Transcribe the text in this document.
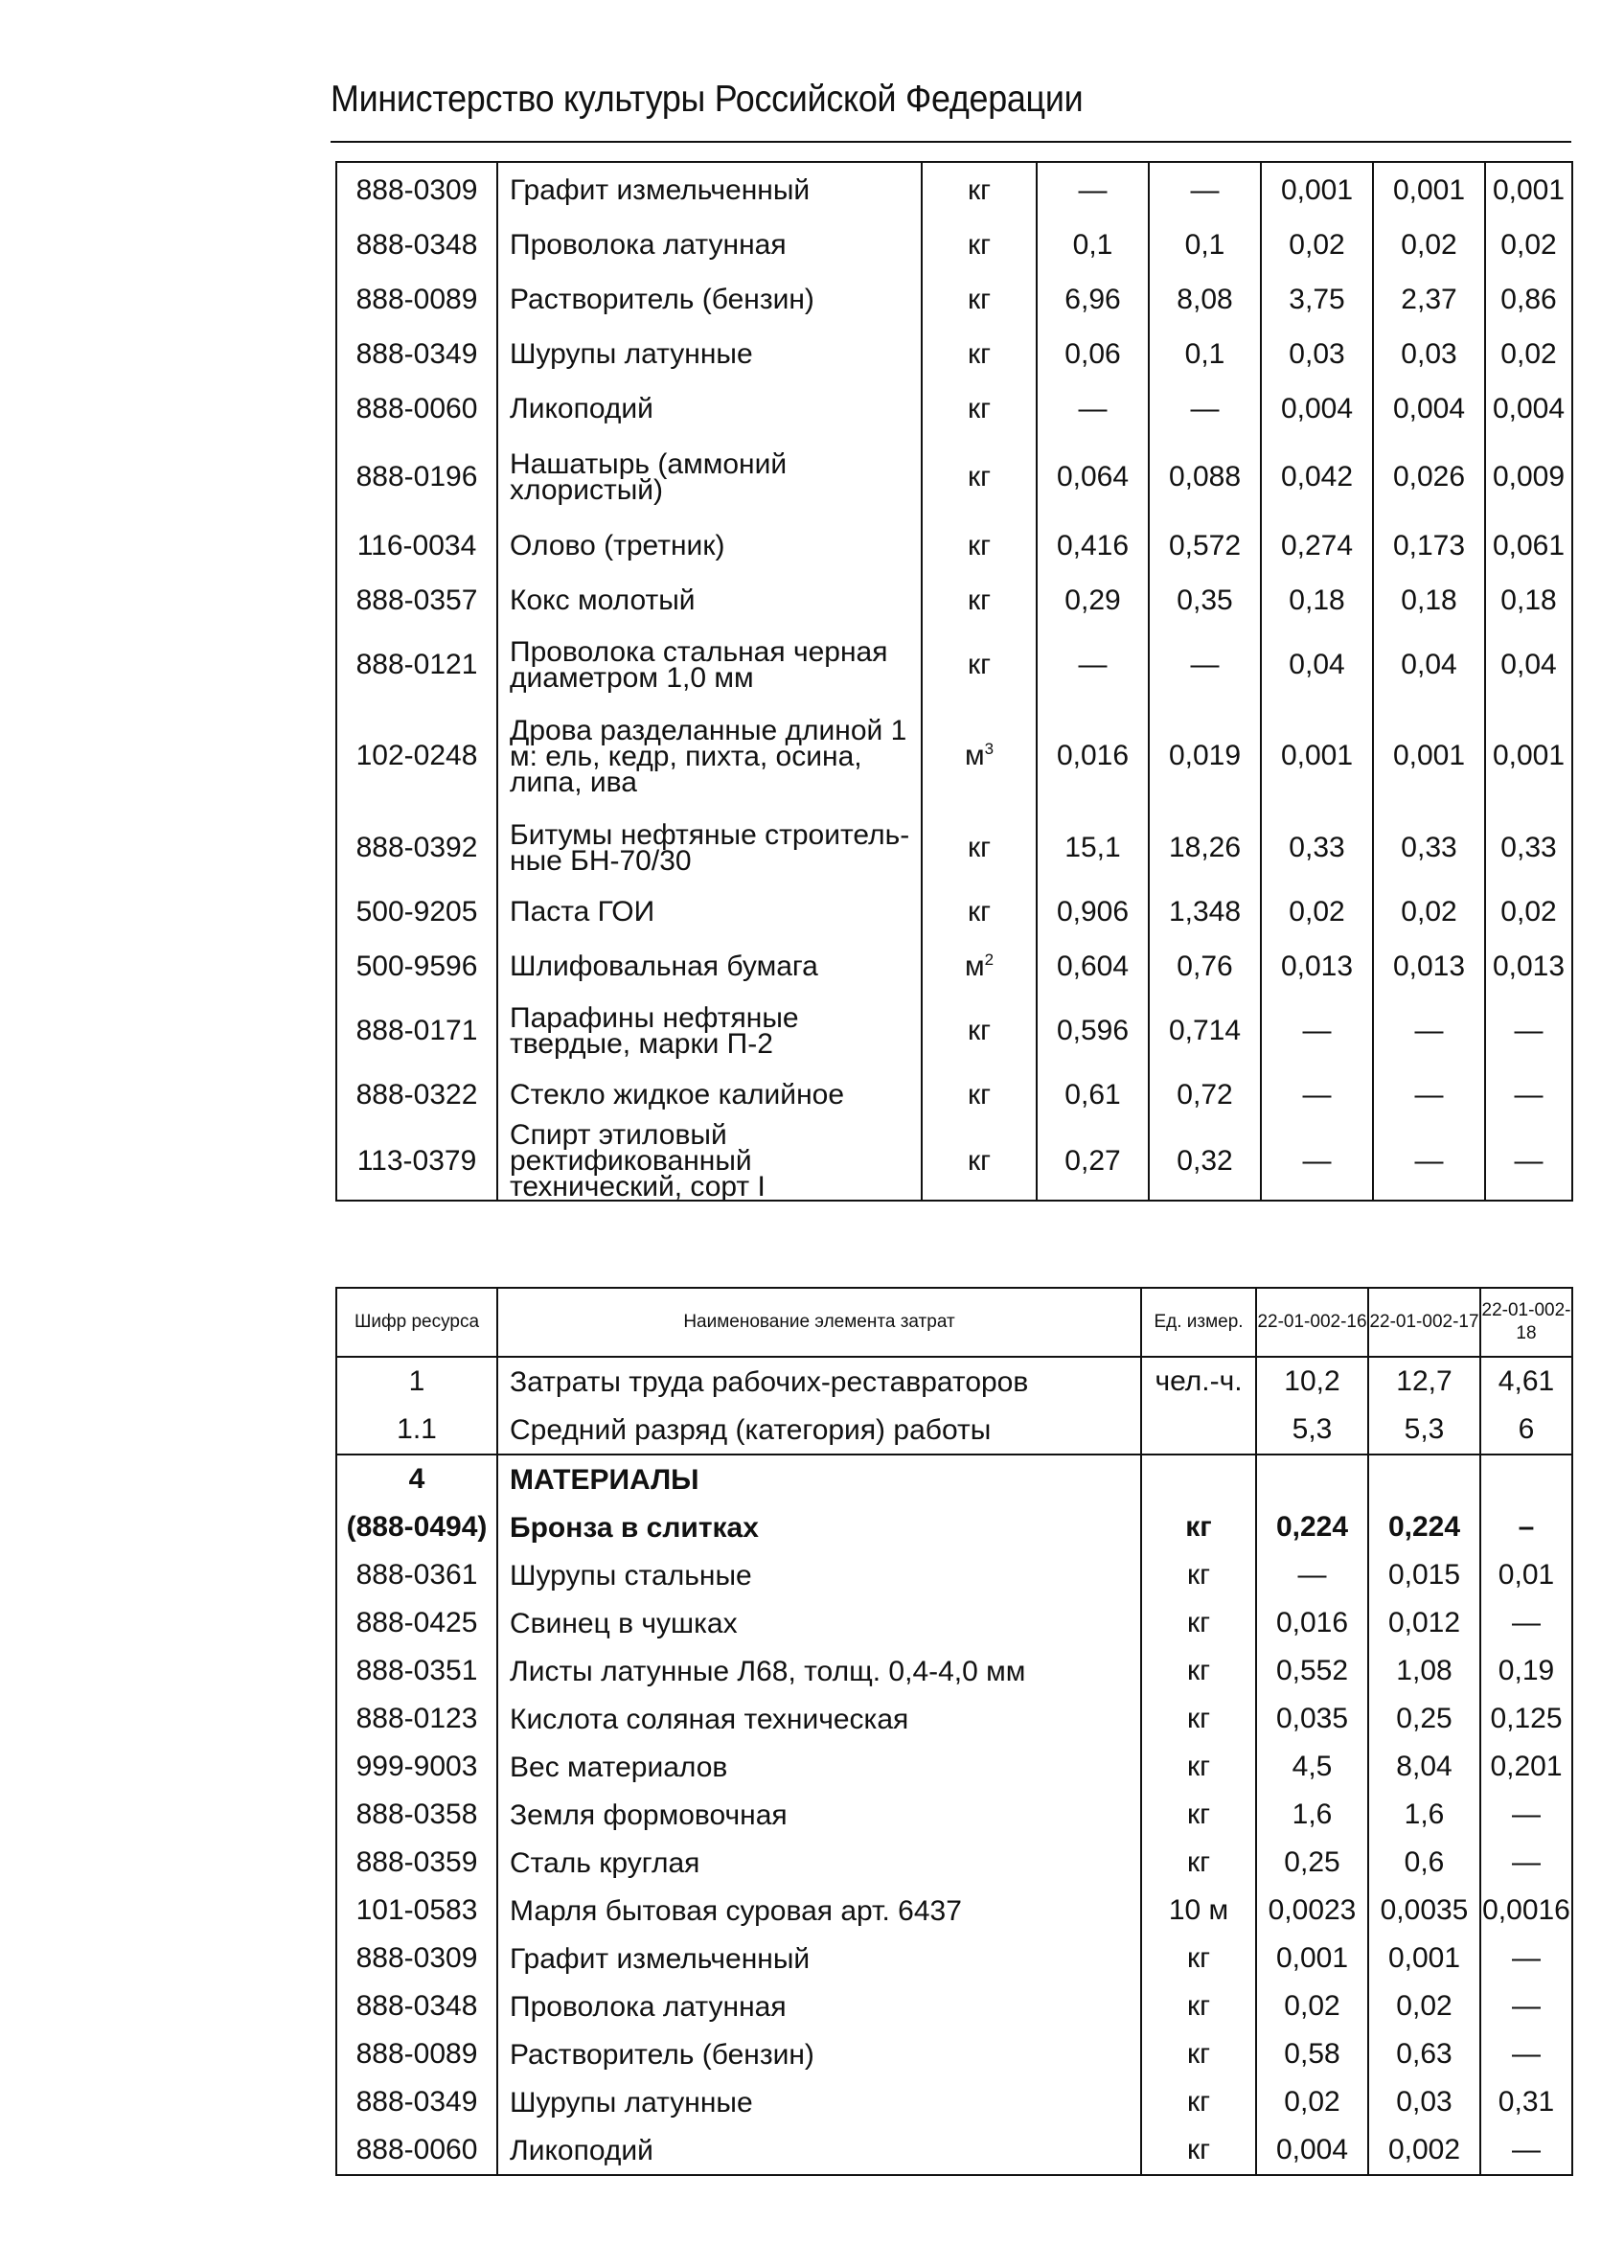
Министерство культуры Российской Федерации
888-0309	Графит измельченный	кг	—	—	0,001	0,001	0,001
888-0348	Проволока латунная	кг	0,1	0,1	0,02	0,02	0,02
888-0089	Растворитель (бензин)	кг	6,96	8,08	3,75	2,37	0,86
888-0349	Шурупы латунные	кг	0,06	0,1	0,03	0,03	0,02
888-0060	Ликоподий	кг	—	—	0,004	0,004	0,004
888-0196	Нашатырь (аммоний хлористый)	кг	0,064	0,088	0,042	0,026	0,009
116-0034	Олово (третник)	кг	0,416	0,572	0,274	0,173	0,061
888-0357	Кокс молотый	кг	0,29	0,35	0,18	0,18	0,18
888-0121	Проволока стальная черная диаметром 1,0 мм	кг	—	—	0,04	0,04	0,04
102-0248	Дрова разделанные длиной 1 м: ель, кедр, пихта, осина, липа, ива	$м^3$	0,016	0,019	0,001	0,001	0,001
888-0392	Битумы нефтяные строительные БН-70/30	кг	15,1	18,26	0,33	0,33	0,33
500-9205	Паста ГОИ	кг	0,906	1,348	0,02	0,02	0,02
500-9596	Шлифовальная бумага	$м^2$	0,604	0,76	0,013	0,013	0,013
888-0171	Парафины нефтяные твердые, марки П-2	кг	0,596	0,714	—	—	—
888-0322	Стекло жидкое калийное	кг	0,61	0,72	—	—	—
113-0379	Спирт этиловый ректификованный технический, сорт I	кг	0,27	0,32	—	—	—
Шифр ресурса	Наименование элемента затрат	Ед. измер.	22-01-002-16	22-01-002-17	22-01-002-18
1	Затраты труда рабочих-реставраторов	чел.-ч.	10,2	12,7	4,61
1.1	Средний разряд (категория) работы		5,3	5,3	6
4	МАТЕРИАЛЫ				
(888-0494)	Бронза в слитках	кг	0,224	0,224	–
888-0361	Шурупы стальные	кг	—	0,015	0,01
888-0425	Свинец в чушках	кг	0,016	0,012	—
888-0351	Листы латунные Л68, толщ. 0,4-4,0 мм	кг	0,552	1,08	0,19
888-0123	Кислота соляная техническая	кг	0,035	0,25	0,125
999-9003	Вес материалов	кг	4,5	8,04	0,201
888-0358	Земля формовочная	кг	1,6	1,6	—
888-0359	Сталь круглая	кг	0,25	0,6	—
101-0583	Марля бытовая суровая арт. 6437	10 м	0,0023	0,0035	0,0016
888-0309	Графит измельченный	кг	0,001	0,001	—
888-0348	Проволока латунная	кг	0,02	0,02	—
888-0089	Растворитель (бензин)	кг	0,58	0,63	—
888-0349	Шурупы латунные	кг	0,02	0,03	0,31
888-0060	Ликоподий	кг	0,004	0,002	—
